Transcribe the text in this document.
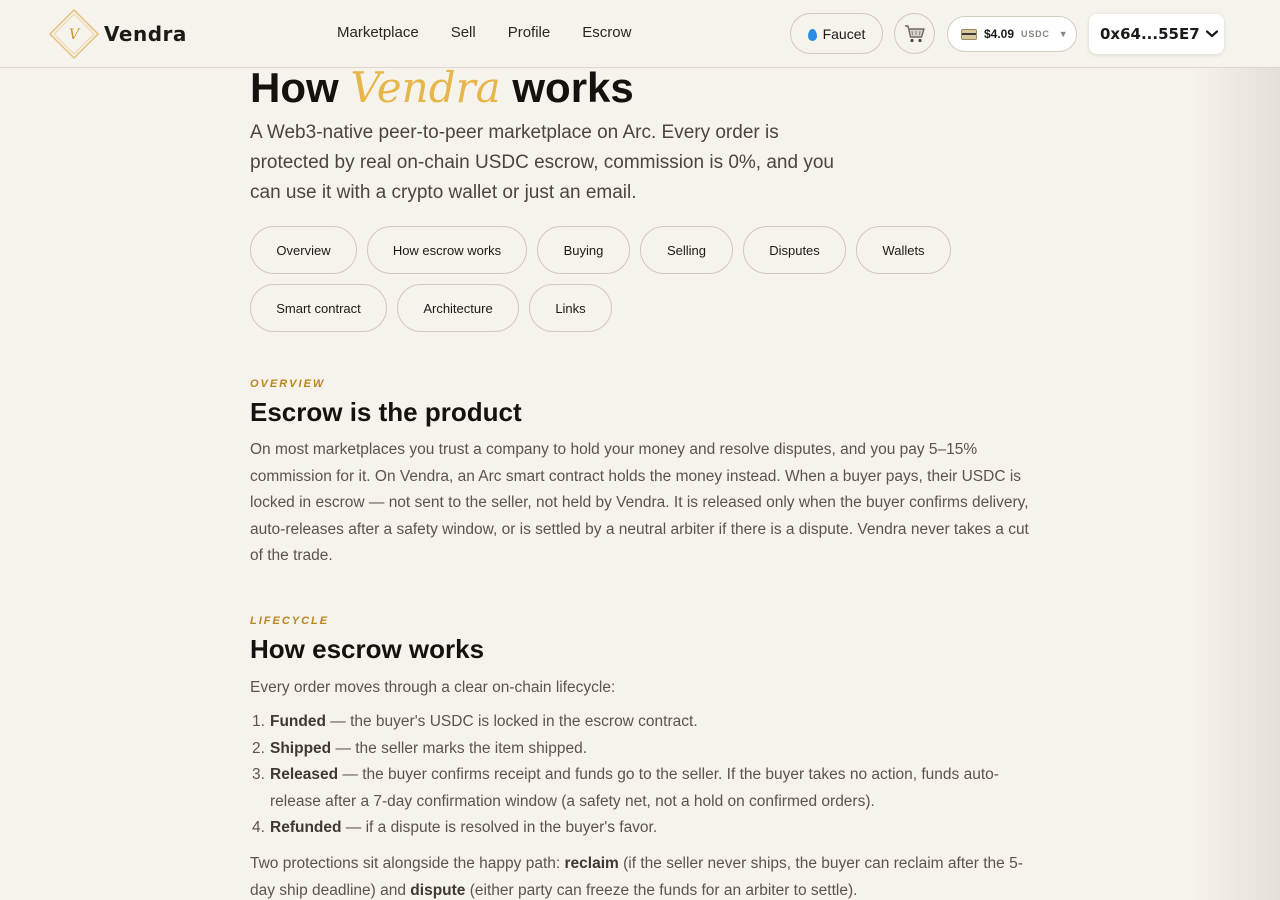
V Vendra	Marketplace Sell Profile Escrow	Faucet	$4.09 USDC ▼ 0x64...55E7
How Vendra works

A Web3-native peer-to-peer marketplace on Arc. Every order is protected by real on-chain USDC escrow, commission is 0%, and you can use it with a crypto wallet or just an email.

Overview	How escrow works	Buying	Selling	Disputes	Wallets
Smart contract	Architecture	Links
OVERVIEW
Escrow is the product

On most marketplaces you trust a company to hold your money and resolve disputes, and you pay 5–15% commission for it. On Vendra, an Arc smart contract holds the money instead. When a buyer pays, their USDC is locked in escrow — not sent to the seller, not held by Vendra. It is released only when the buyer confirms delivery, auto-releases after a safety window, or is settled by a neutral arbiter if there is a dispute. Vendra never takes a cut of the trade.

LIFECYCLE
How escrow works

Every order moves through a clear on-chain lifecycle:

1. Funded — the buyer's USDC is locked in the escrow contract.
2. Shipped — the seller marks the item shipped.
3. Released — the buyer confirms receipt and funds go to the seller. If the buyer takes no action, funds auto-release after a 7-day confirmation window (a safety net, not a hold on confirmed orders).
4. Refunded — if a dispute is resolved in the buyer's favor.

Two protections sit alongside the happy path: reclaim (if the seller never ships, the buyer can reclaim after the 5-day ship deadline) and dispute (either party can freeze the funds for an arbiter to settle).
